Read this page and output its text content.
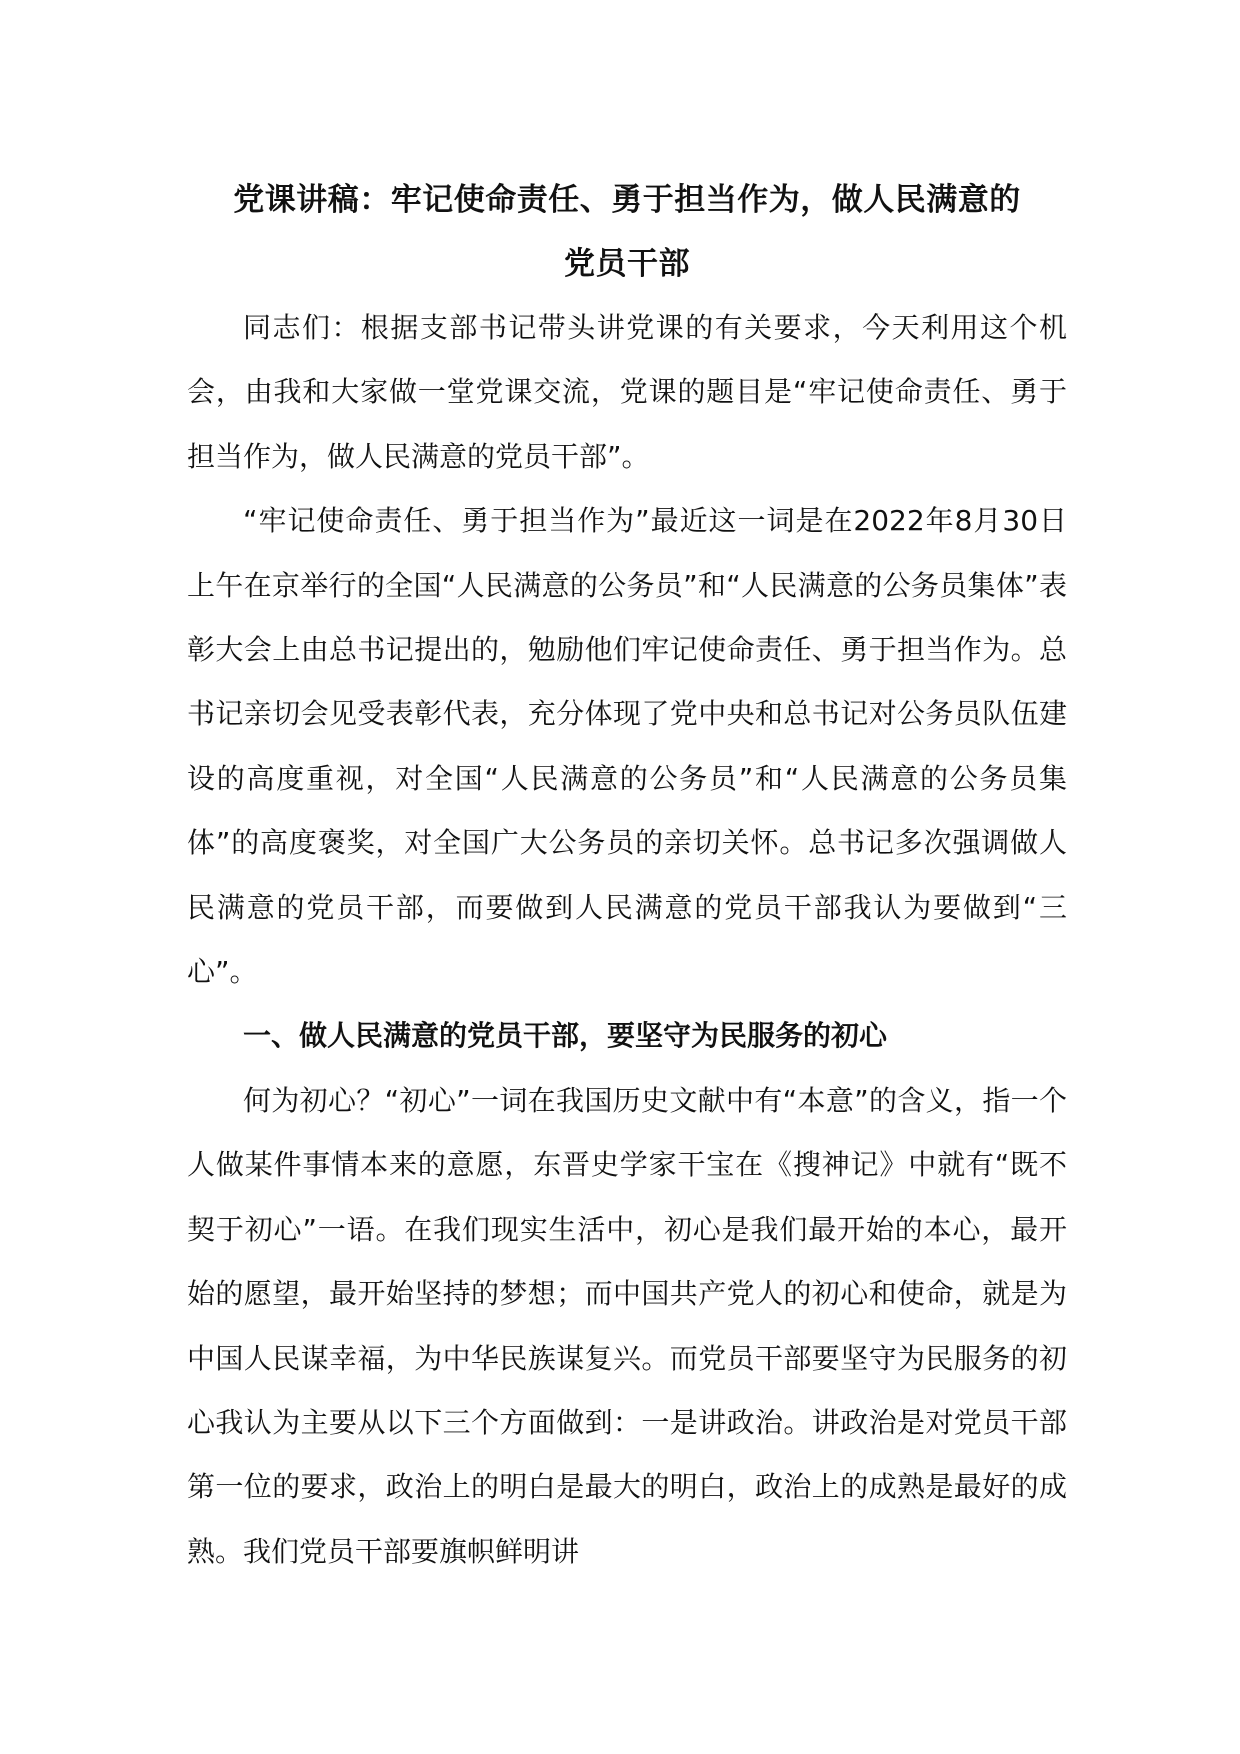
党课讲稿：牢记使命责任、勇于担当作为，做人民满意的
党员干部

同志们：根据支部书记带头讲党课的有关要求，今天利用这个机会，由我和大家做一堂党课交流，党课的题目是“牢记使命责任、勇于担当作为，做人民满意的党员干部”。

“牢记使命责任、勇于担当作为”最近这一词是在2022年8月30日上午在京举行的全国“人民满意的公务员”和“人民满意的公务员集体”表彰大会上由总书记提出的，勉励他们牢记使命责任、勇于担当作为。总书记亲切会见受表彰代表，充分体现了党中央和总书记对公务员队伍建设的高度重视，对全国“人民满意的公务员”和“人民满意的公务员集体”的高度褒奖，对全国广大公务员的亲切关怀。总书记多次强调做人民满意的党员干部，而要做到人民满意的党员干部我认为要做到“三心”。

一、做人民满意的党员干部，要坚守为民服务的初心

何为初心？“初心”一词在我国历史文献中有“本意”的含义，指一个人做某件事情本来的意愿，东晋史学家干宝在《搜神记》中就有“既不契于初心”一语。在我们现实生活中，初心是我们最开始的本心，最开始的愿望，最开始坚持的梦想；而中国共产党人的初心和使命，就是为中国人民谋幸福，为中华民族谋复兴。而党员干部要坚守为民服务的初心我认为主要从以下三个方面做到：一是讲政治。讲政治是对党员干部第一位的要求，政治上的明白是最大的明白，政治上的成熟是最好的成熟。我们党员干部要旗帜鲜明讲
